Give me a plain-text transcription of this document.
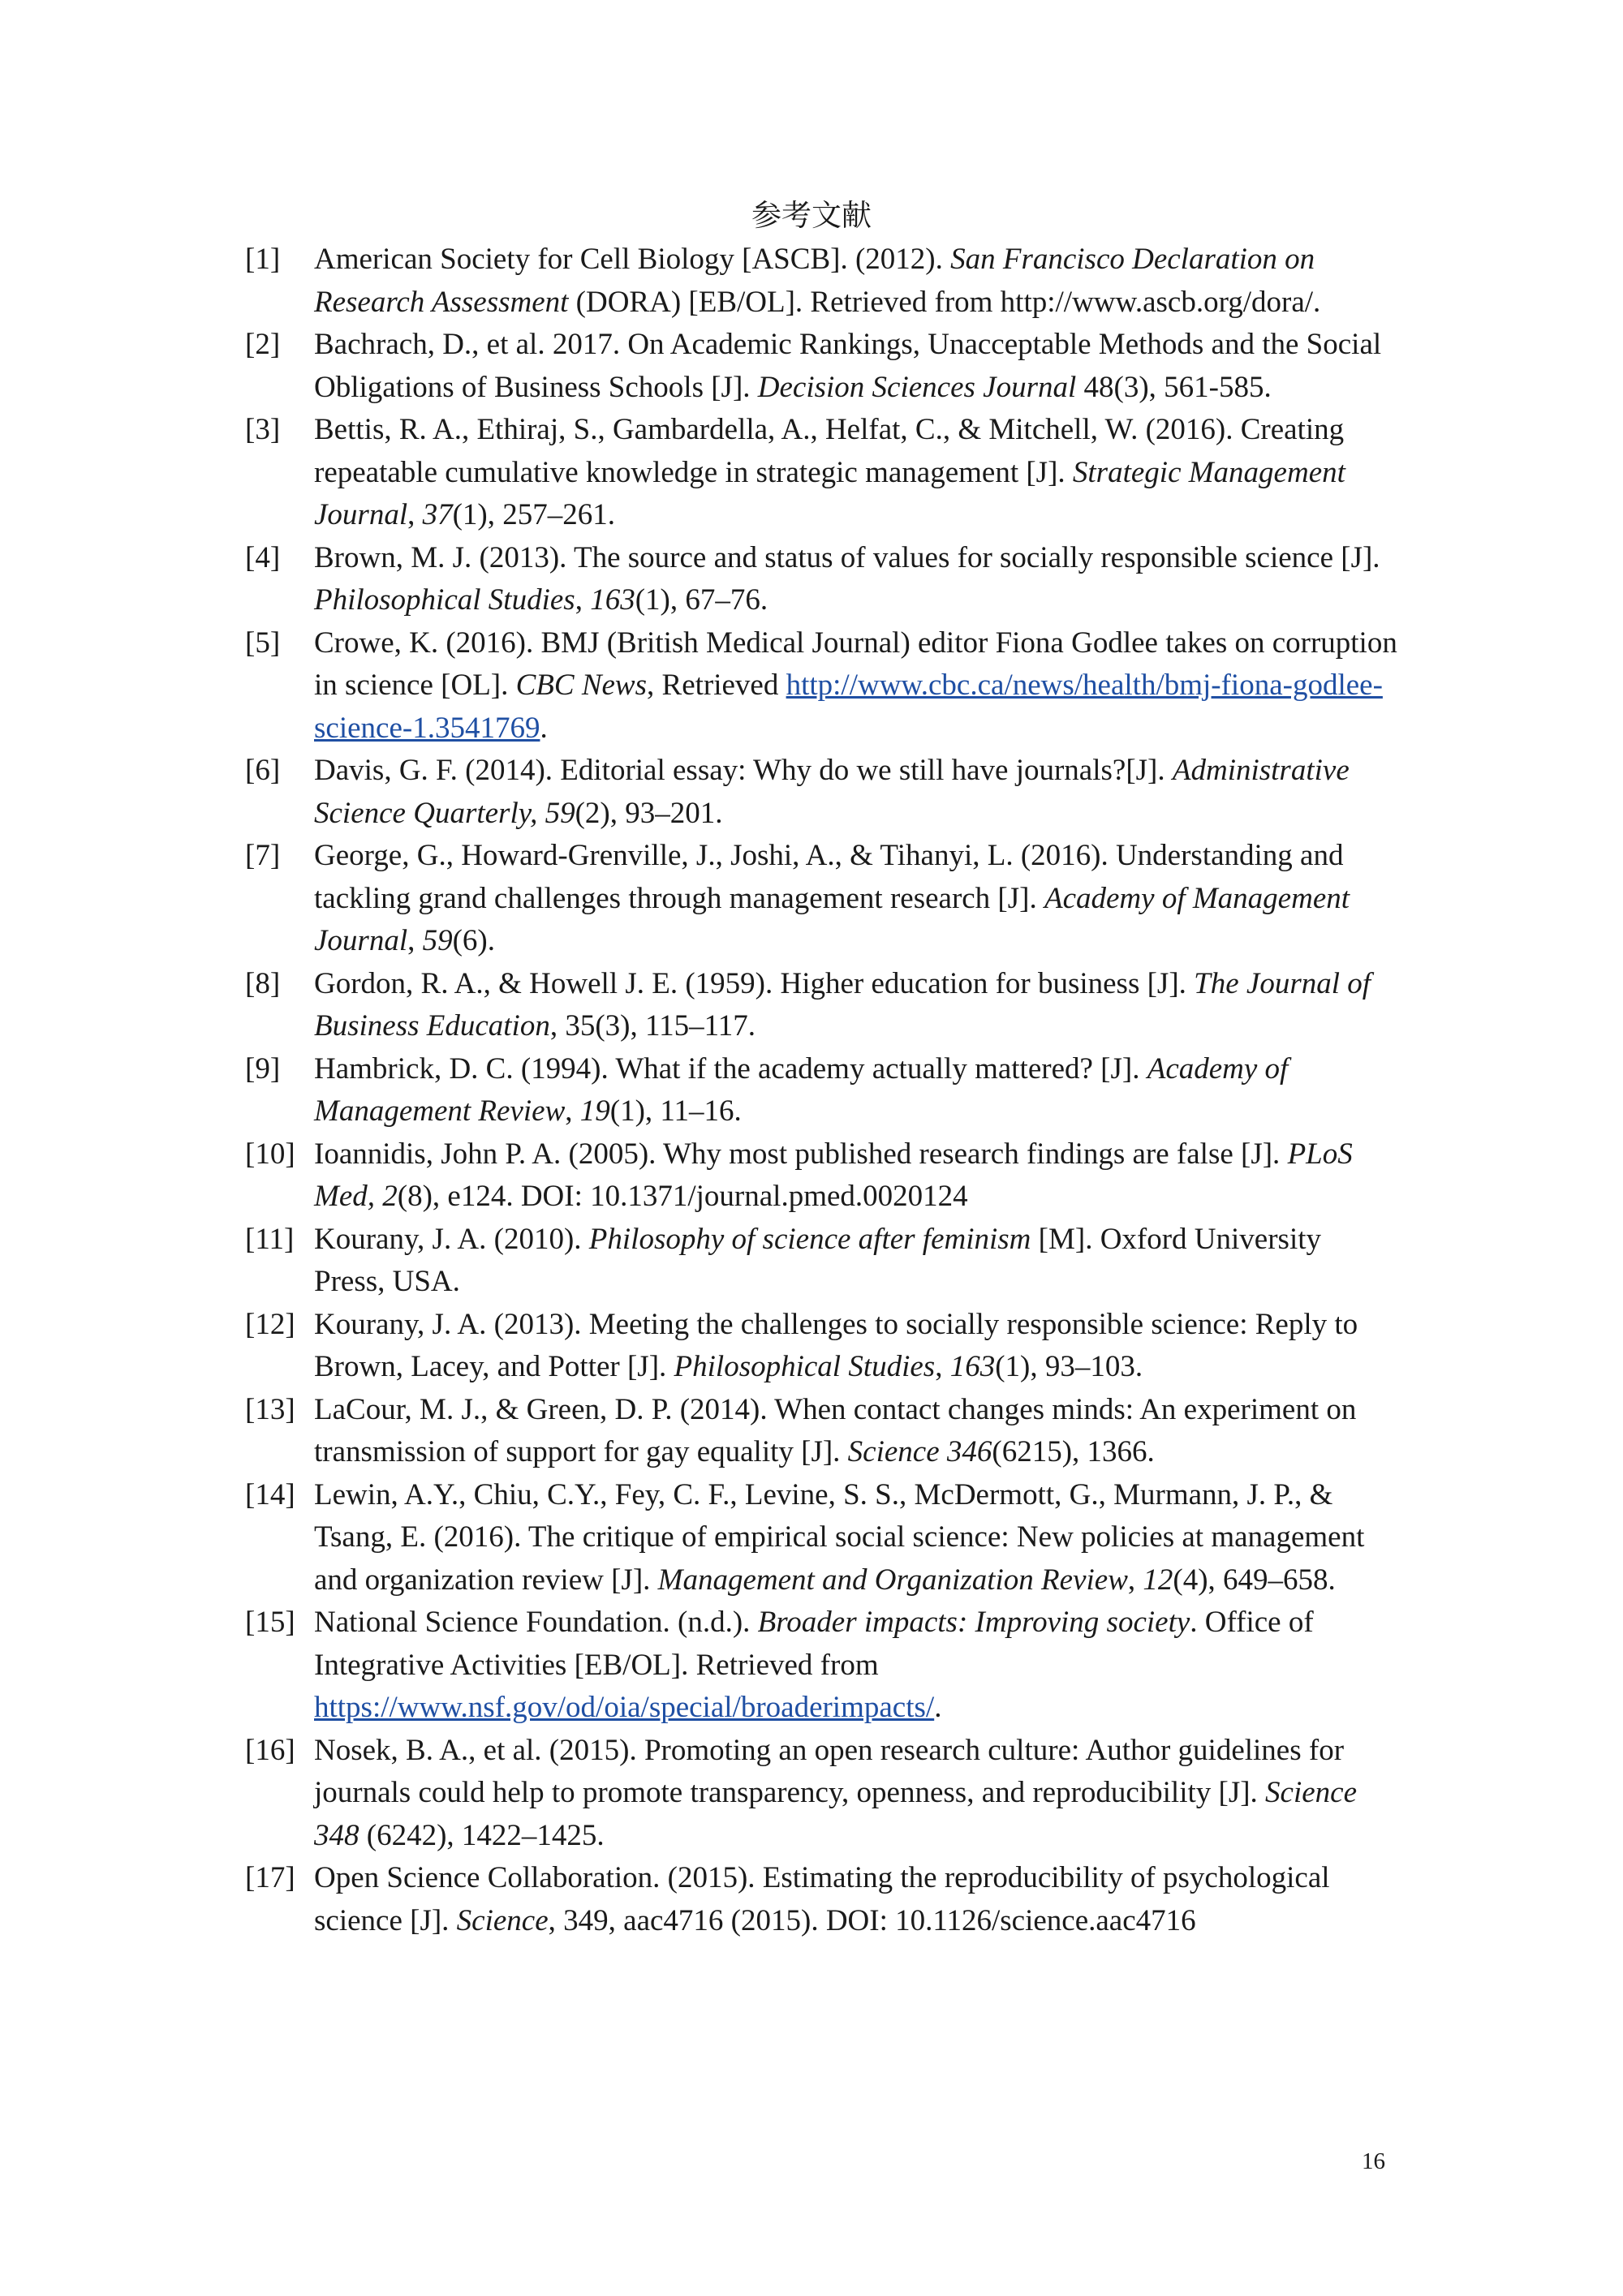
参考文献
[1] American Society for Cell Biology [ASCB]. (2012). San Francisco Declaration on Research Assessment (DORA) [EB/OL]. Retrieved from http://www.ascb.org/dora/.
[2] Bachrach, D., et al. 2017. On Academic Rankings, Unacceptable Methods and the Social Obligations of Business Schools [J]. Decision Sciences Journal 48(3), 561-585.
[3] Bettis, R. A., Ethiraj, S., Gambardella, A., Helfat, C., & Mitchell, W. (2016). Creating repeatable cumulative knowledge in strategic management [J]. Strategic Management Journal, 37(1), 257–261.
[4] Brown, M. J. (2013). The source and status of values for socially responsible science [J]. Philosophical Studies, 163(1), 67–76.
[5] Crowe, K. (2016). BMJ (British Medical Journal) editor Fiona Godlee takes on corruption in science [OL]. CBC News, Retrieved http://www.cbc.ca/news/health/bmj-fiona-godlee-science-1.3541769.
[6] Davis, G. F. (2014). Editorial essay: Why do we still have journals?[J]. Administrative Science Quarterly, 59(2), 93–201.
[7] George, G., Howard-Grenville, J., Joshi, A., & Tihanyi, L. (2016). Understanding and tackling grand challenges through management research [J]. Academy of Management Journal, 59(6).
[8] Gordon, R. A., & Howell J. E. (1959). Higher education for business [J]. The Journal of Business Education, 35(3), 115–117.
[9] Hambrick, D. C. (1994). What if the academy actually mattered? [J]. Academy of Management Review, 19(1), 11–16.
[10] Ioannidis, John P. A. (2005). Why most published research findings are false [J]. PLoS Med, 2(8), e124. DOI: 10.1371/journal.pmed.0020124
[11] Kourany, J. A. (2010). Philosophy of science after feminism [M]. Oxford University Press, USA.
[12] Kourany, J. A. (2013). Meeting the challenges to socially responsible science: Reply to Brown, Lacey, and Potter [J]. Philosophical Studies, 163(1), 93–103.
[13] LaCour, M. J., & Green, D. P. (2014). When contact changes minds: An experiment on transmission of support for gay equality [J]. Science 346(6215), 1366.
[14] Lewin, A.Y., Chiu, C.Y., Fey, C. F., Levine, S. S., McDermott, G., Murmann, J. P., & Tsang, E. (2016). The critique of empirical social science: New policies at management and organization review [J]. Management and Organization Review, 12(4), 649–658.
[15] National Science Foundation. (n.d.). Broader impacts: Improving society. Office of Integrative Activities [EB/OL]. Retrieved from https://www.nsf.gov/od/oia/special/broaderimpacts/.
[16] Nosek, B. A., et al. (2015). Promoting an open research culture: Author guidelines for journals could help to promote transparency, openness, and reproducibility [J]. Science 348 (6242), 1422–1425.
[17] Open Science Collaboration. (2015). Estimating the reproducibility of psychological science [J]. Science, 349, aac4716 (2015). DOI: 10.1126/science.aac4716
16
